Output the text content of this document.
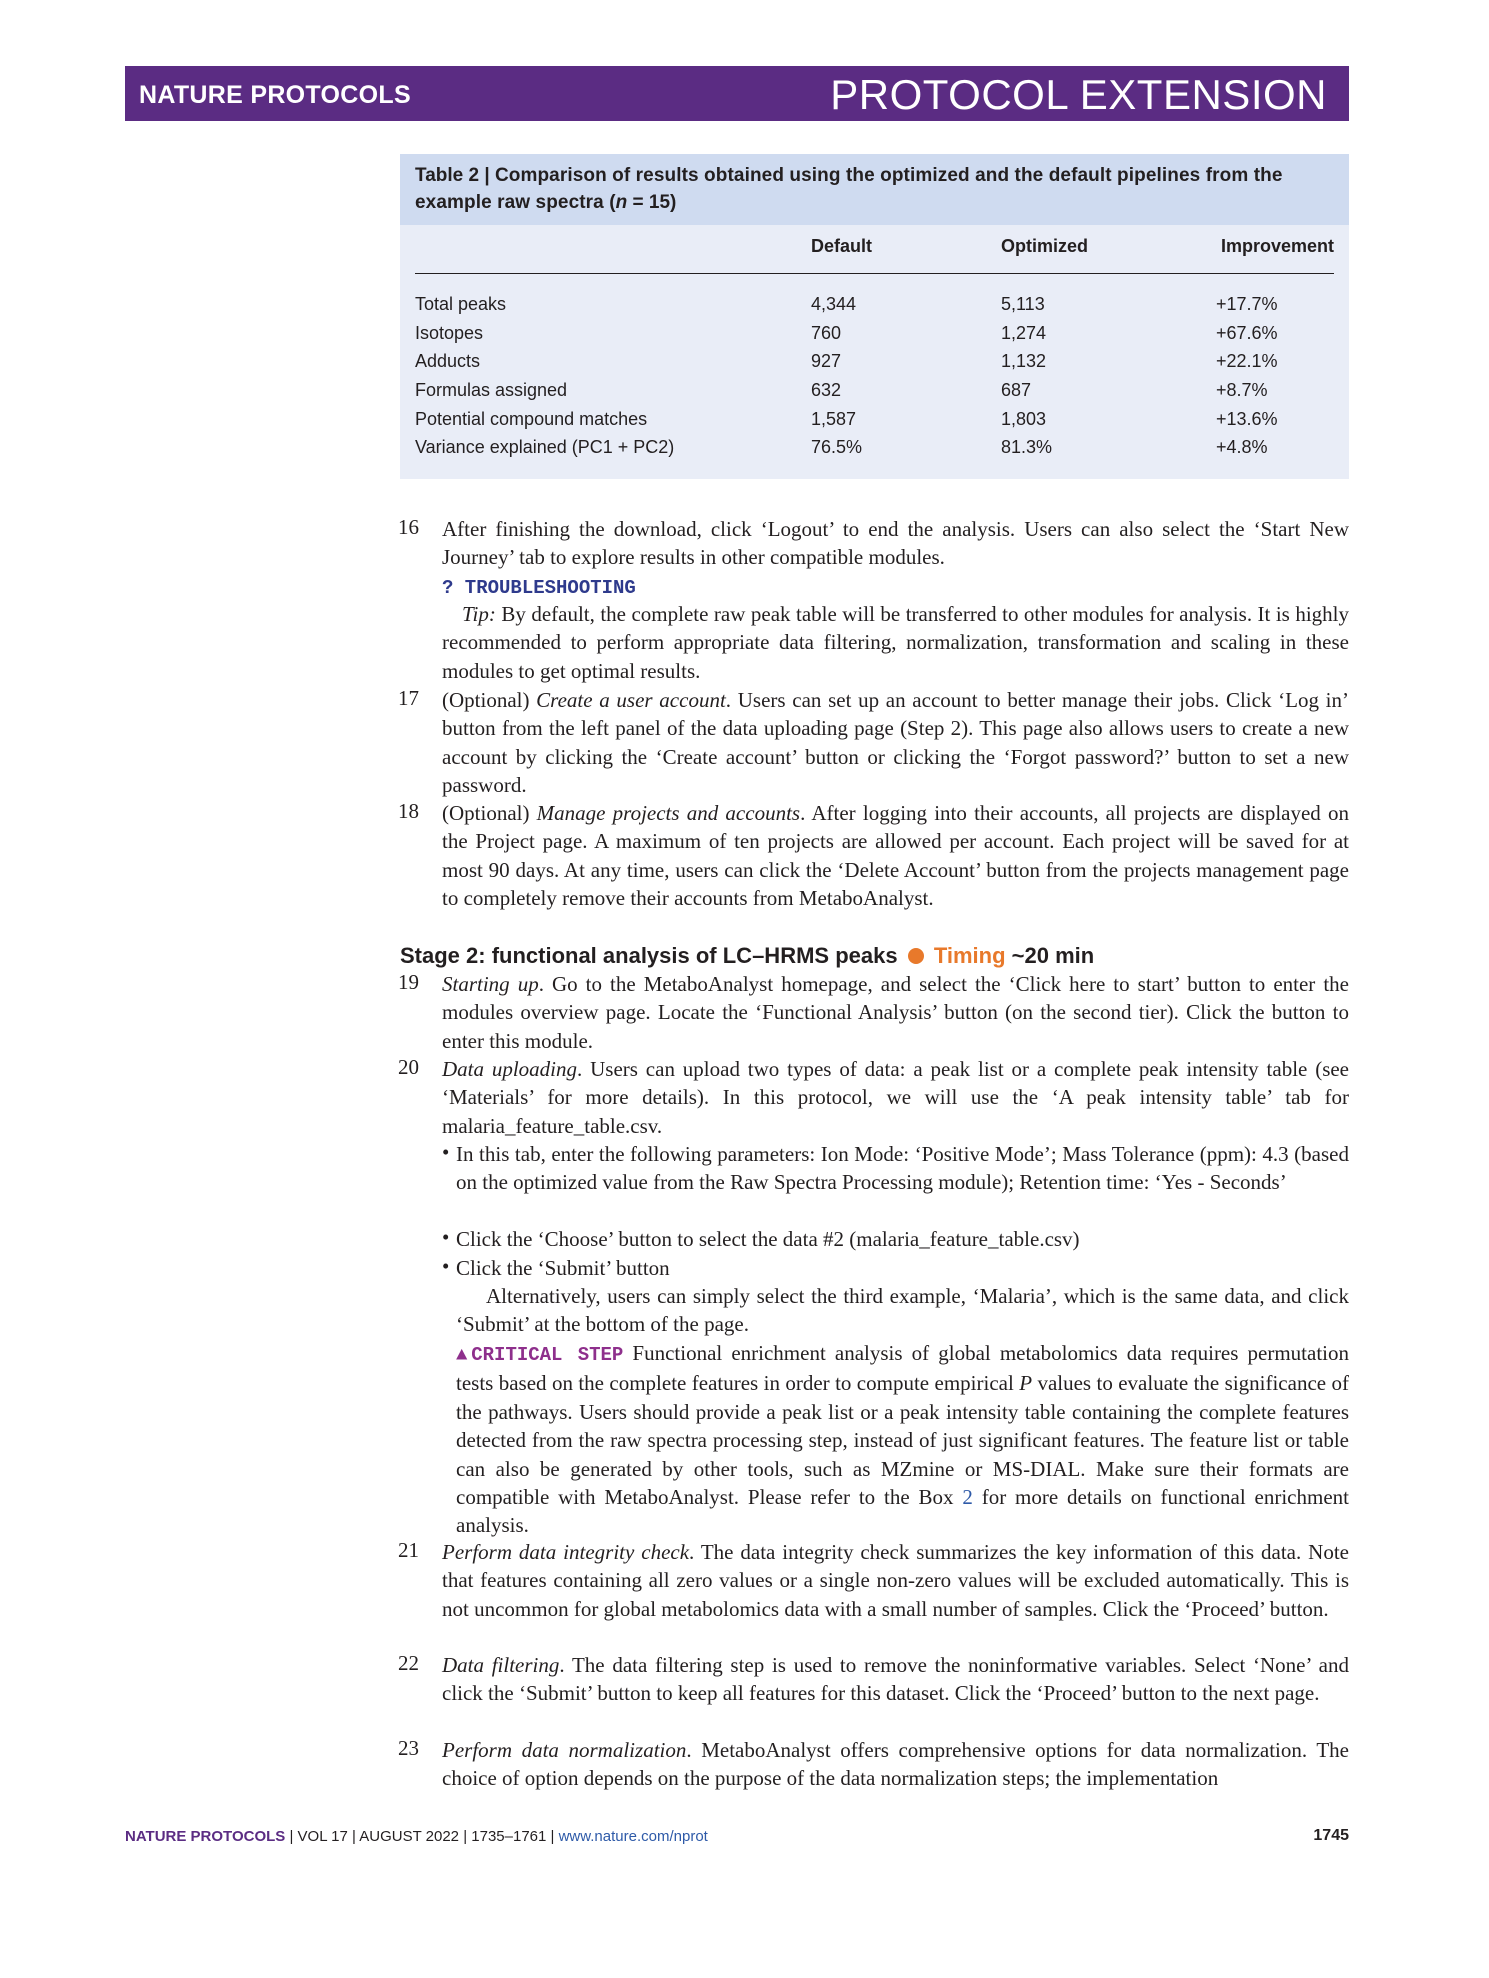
NATURE PROTOCOLS	PROTOCOL EXTENSION
Table 2 | Comparison of results obtained using the optimized and the default pipelines from the example raw spectra (n = 15)
	Default	Optimized	Improvement
Total peaks	4,344	5,113	+17.7%
Isotopes	760	1,274	+67.6%
Adducts	927	1,132	+22.1%
Formulas assigned	632	687	+8.7%
Potential compound matches	1,587	1,803	+13.6%
Variance explained (PC1 + PC2)	76.5%	81.3%	+4.8%
16 After finishing the download, click ‘Logout’ to end the analysis. Users can also select the ‘Start New Journey’ tab to explore results in other compatible modules.
? TROUBLESHOOTING
Tip: By default, the complete raw peak table will be transferred to other modules for analysis. It is highly recommended to perform appropriate data filtering, normalization, transformation and scaling in these modules to get optimal results.
17 (Optional) Create a user account. Users can set up an account to better manage their jobs. Click ‘Log in’ button from the left panel of the data uploading page (Step 2). This page also allows users to create a new account by clicking the ‘Create account’ button or clicking the ‘Forgot password?’ button to set a new password.
18 (Optional) Manage projects and accounts. After logging into their accounts, all projects are displayed on the Project page. A maximum of ten projects are allowed per account. Each project will be saved for at most 90 days. At any time, users can click the ‘Delete Account’ button from the projects management page to completely remove their accounts from MetaboAnalyst.
Stage 2: functional analysis of LC–HRMS peaks Timing ~20 min
19 Starting up. Go to the MetaboAnalyst homepage, and select the ‘Click here to start’ button to enter the modules overview page. Locate the ‘Functional Analysis’ button (on the second tier). Click the button to enter this module.
20 Data uploading. Users can upload two types of data: a peak list or a complete peak intensity table (see ‘Materials’ for more details). In this protocol, we will use the ‘A peak intensity table’ tab for malaria_feature_table.csv.
• In this tab, enter the following parameters: Ion Mode: ‘Positive Mode’; Mass Tolerance (ppm): 4.3 (based on the optimized value from the Raw Spectra Processing module); Retention time: ‘Yes - Seconds’
• Click the ‘Choose’ button to select the data #2 (malaria_feature_table.csv)
• Click the ‘Submit’ button
Alternatively, users can simply select the third example, ‘Malaria’, which is the same data, and click ‘Submit’ at the bottom of the page.
▲CRITICAL STEP Functional enrichment analysis of global metabolomics data requires permutation tests based on the complete features in order to compute empirical P values to evaluate the significance of the pathways. Users should provide a peak list or a peak intensity table containing the complete features detected from the raw spectra processing step, instead of just significant features. The feature list or table can also be generated by other tools, such as MZmine or MS-DIAL. Make sure their formats are compatible with MetaboAnalyst. Please refer to the Box 2 for more details on functional enrichment analysis.
21 Perform data integrity check. The data integrity check summarizes the key information of this data. Note that features containing all zero values or a single non-zero values will be excluded automatically. This is not uncommon for global metabolomics data with a small number of samples. Click the ‘Proceed’ button.
22 Data filtering. The data filtering step is used to remove the noninformative variables. Select ‘None’ and click the ‘Submit’ button to keep all features for this dataset. Click the ‘Proceed’ button to the next page.
23 Perform data normalization. MetaboAnalyst offers comprehensive options for data normalization. The choice of option depends on the purpose of the data normalization steps; the implementation
NATURE PROTOCOLS | VOL 17 | AUGUST 2022 | 1735–1761 | www.nature.com/nprot	1745
